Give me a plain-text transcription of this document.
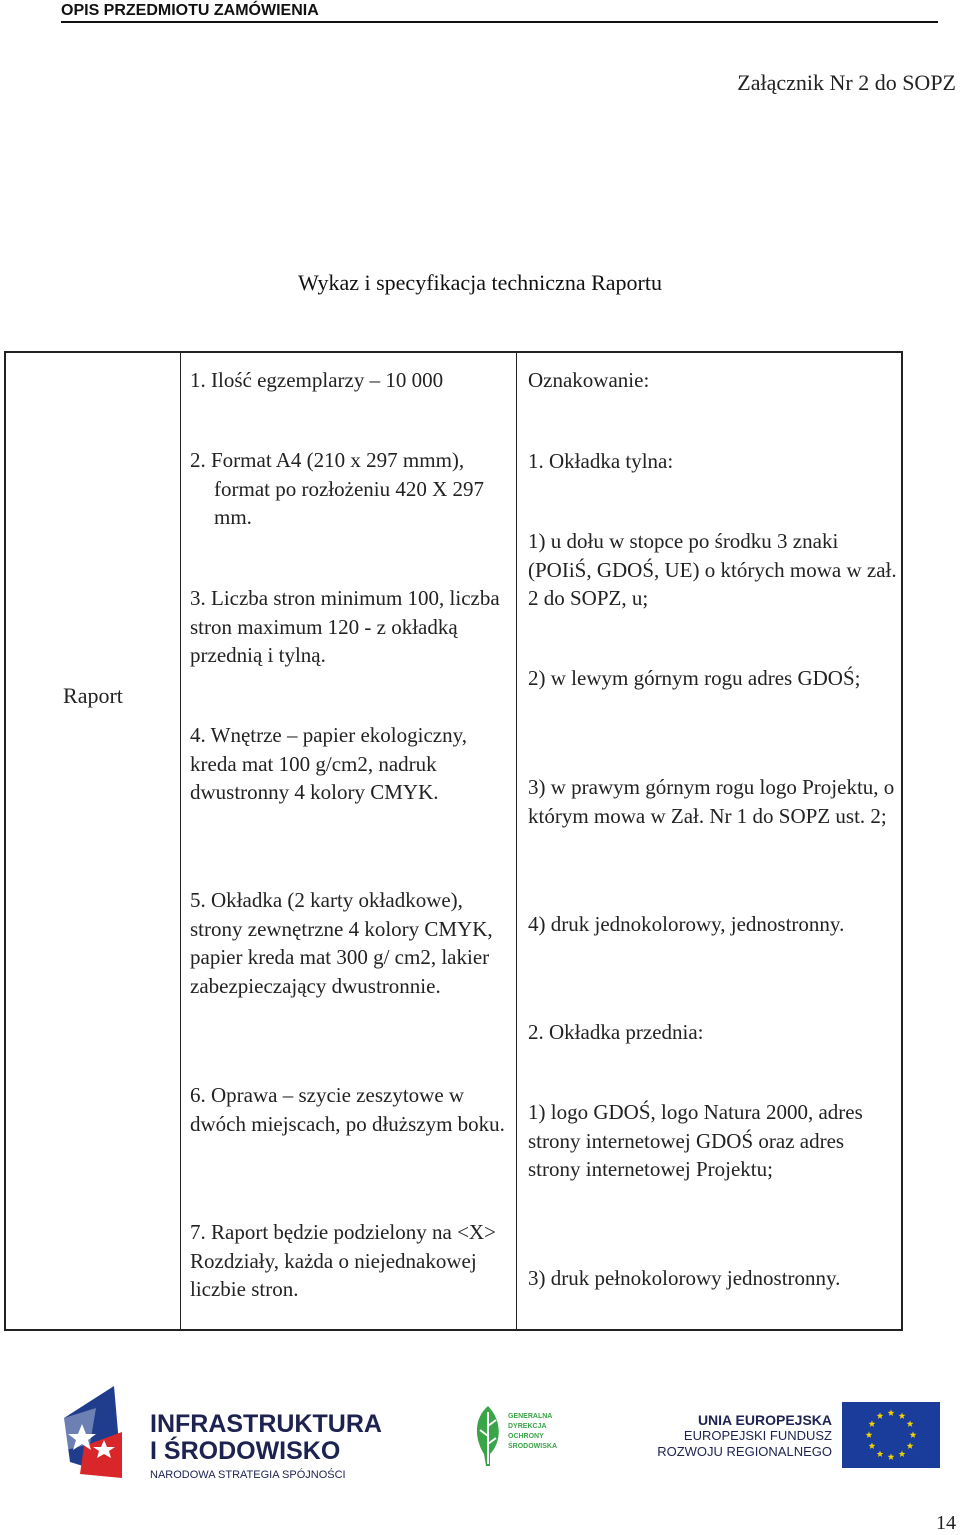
OPIS PRZEDMIOTU ZAMÓWIENIA
Załącznik Nr 2 do SOPZ
Wykaz i specyfikacja techniczna Raportu
Raport
1. Ilość egzemplarzy – 10 000
2. Format A4 (210 x 297 mmm), format po rozłożeniu 420 X 297 mm.
3. Liczba stron minimum 100, liczba stron maximum 120 - z okładką przednią i tylną.
4. Wnętrze – papier ekologiczny, kreda mat 100 g/cm2, nadruk dwustronny 4 kolory CMYK.
5. Okładka (2 karty okładkowe), strony zewnętrzne 4 kolory CMYK, papier kreda mat 300 g/ cm2, lakier zabezpieczający dwustronnie.
6. Oprawa – szycie zeszytowe w dwóch miejscach, po dłuższym boku.
7. Raport będzie podzielony na <X> Rozdziały, każda o niejednakowej liczbie stron.
Oznakowanie:
1. Okładka tylna:
1) u dołu w stopce po środku 3 znaki (POIiŚ, GDOŚ, UE) o których mowa w zał. 2 do SOPZ, u;
2) w lewym górnym rogu adres GDOŚ;
3) w prawym górnym rogu logo Projektu, o którym mowa w Zał. Nr 1 do SOPZ ust. 2;
4) druk jednokolorowy, jednostronny.
2. Okładka przednia:
1) logo GDOŚ, logo Natura 2000, adres strony internetowej GDOŚ oraz adres strony internetowej Projektu;
3) druk pełnokolorowy jednostronny.
INFRASTRUKTURA
I ŚRODOWISKO
NARODOWA STRATEGIA SPÓJNOŚCI
GENERALNA
DYREKCJA
OCHRONY
ŚRODOWISKA
UNIA EUROPEJSKA
EUROPEJSKI FUNDUSZ
ROZWOJU REGIONALNEGO
14
